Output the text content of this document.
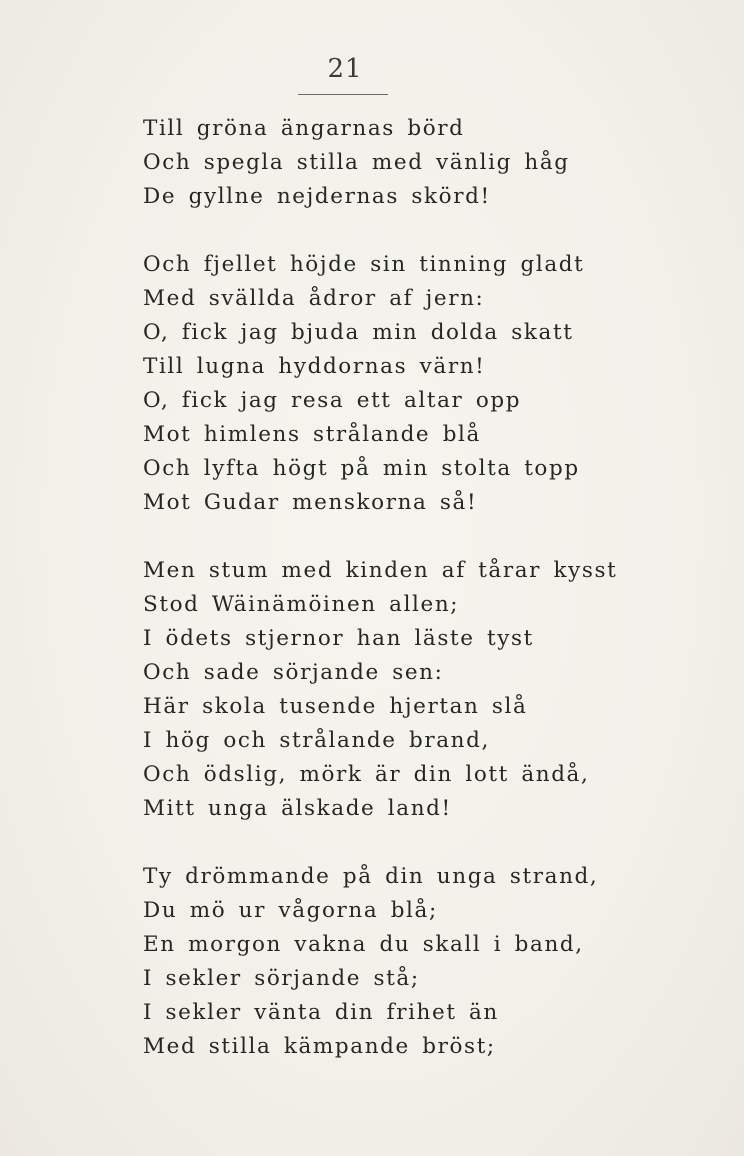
21
Till gröna ängarnas börd
Och spegla stilla med vänlig håg
De gyllne nejdernas skörd!
Och fjellet höjde sin tinning gladt
Med svällda ådror af jern:
O, fick jag bjuda min dolda skatt
Till lugna hyddornas värn!
O, fick jag resa ett altar opp
Mot himlens strålande blå
Och lyfta högt på min stolta topp
Mot Gudar menskorna så!
Men stum med kinden af tårar kysst
Stod Wäinämöinen allen;
I ödets stjernor han läste tyst
Och sade sörjande sen:
Här skola tusende hjertan slå
I hög och strålande brand,
Och ödslig, mörk är din lott ändå,
Mitt unga älskade land!
Ty drömmande på din unga strand,
Du mö ur vågorna blå;
En morgon vakna du skall i band,
I sekler sörjande stå;
I sekler vänta din frihet än
Med stilla kämpande bröst;
